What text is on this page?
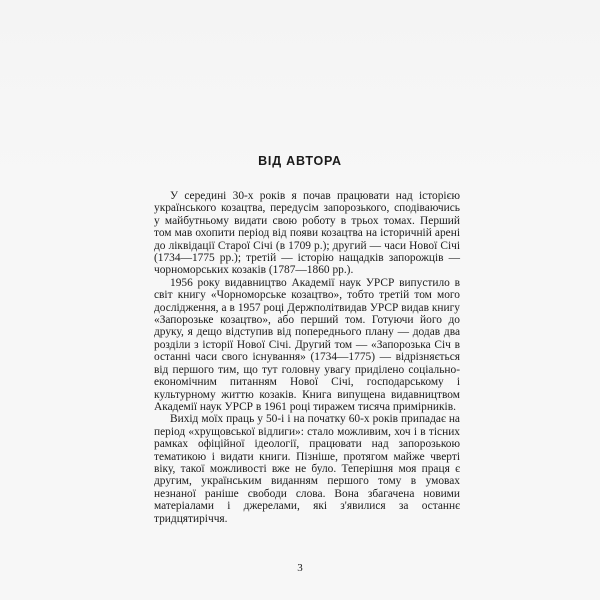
ВІД АВТОРА

У середині 30-х років я почав працювати над історією українського козацтва, передусім запорозького, сподіваючись у майбутньому видати свою роботу в трьох томах. Перший том мав охопити період від появи козацтва на історичній арені до ліквідації Старої Січі (в 1709 р.); другий — часи Нової Січі (1734—1775 рр.); третій — історію нащадків запорожців — чорноморських козаків (1787—1860 рр.).

1956 року видавництво Академії наук УРСР випустило в світ книгу «Чорноморське козацтво», тобто третій том мого дослідження, а в 1957 році Держполітвидав УРСР видав книгу «Запорозьке козацтво», або перший том. Готуючи його до друку, я дещо відступив від попереднього плану — додав два розділи з історії Нової Січі. Другий том — «Запорозька Січ в останні часи свого існування» (1734—1775) — відрізняється від першого тим, що тут головну увагу приділено соціально-економічним питанням Нової Січі, господарському і культурному життю козаків. Книга випущена видавництвом Академії наук УРСР в 1961 році тиражем тисяча примірників.

Вихід моїх праць у 50-і і на початку 60-х років припадає на період «хрущовської відлиги»: стало можливим, хоч і в тісних рамках офіційної ідеології, працювати над запорозькою тематикою і видати книги. Пізніше, протягом майже чверті віку, такої можливості вже не було. Теперішня моя праця є другим, українським виданням першого тому в умовах незнаної раніше свободи слова. Вона збагачена новими матеріалами і джерелами, які з'явилися за останнє тридцятиріччя.

3
